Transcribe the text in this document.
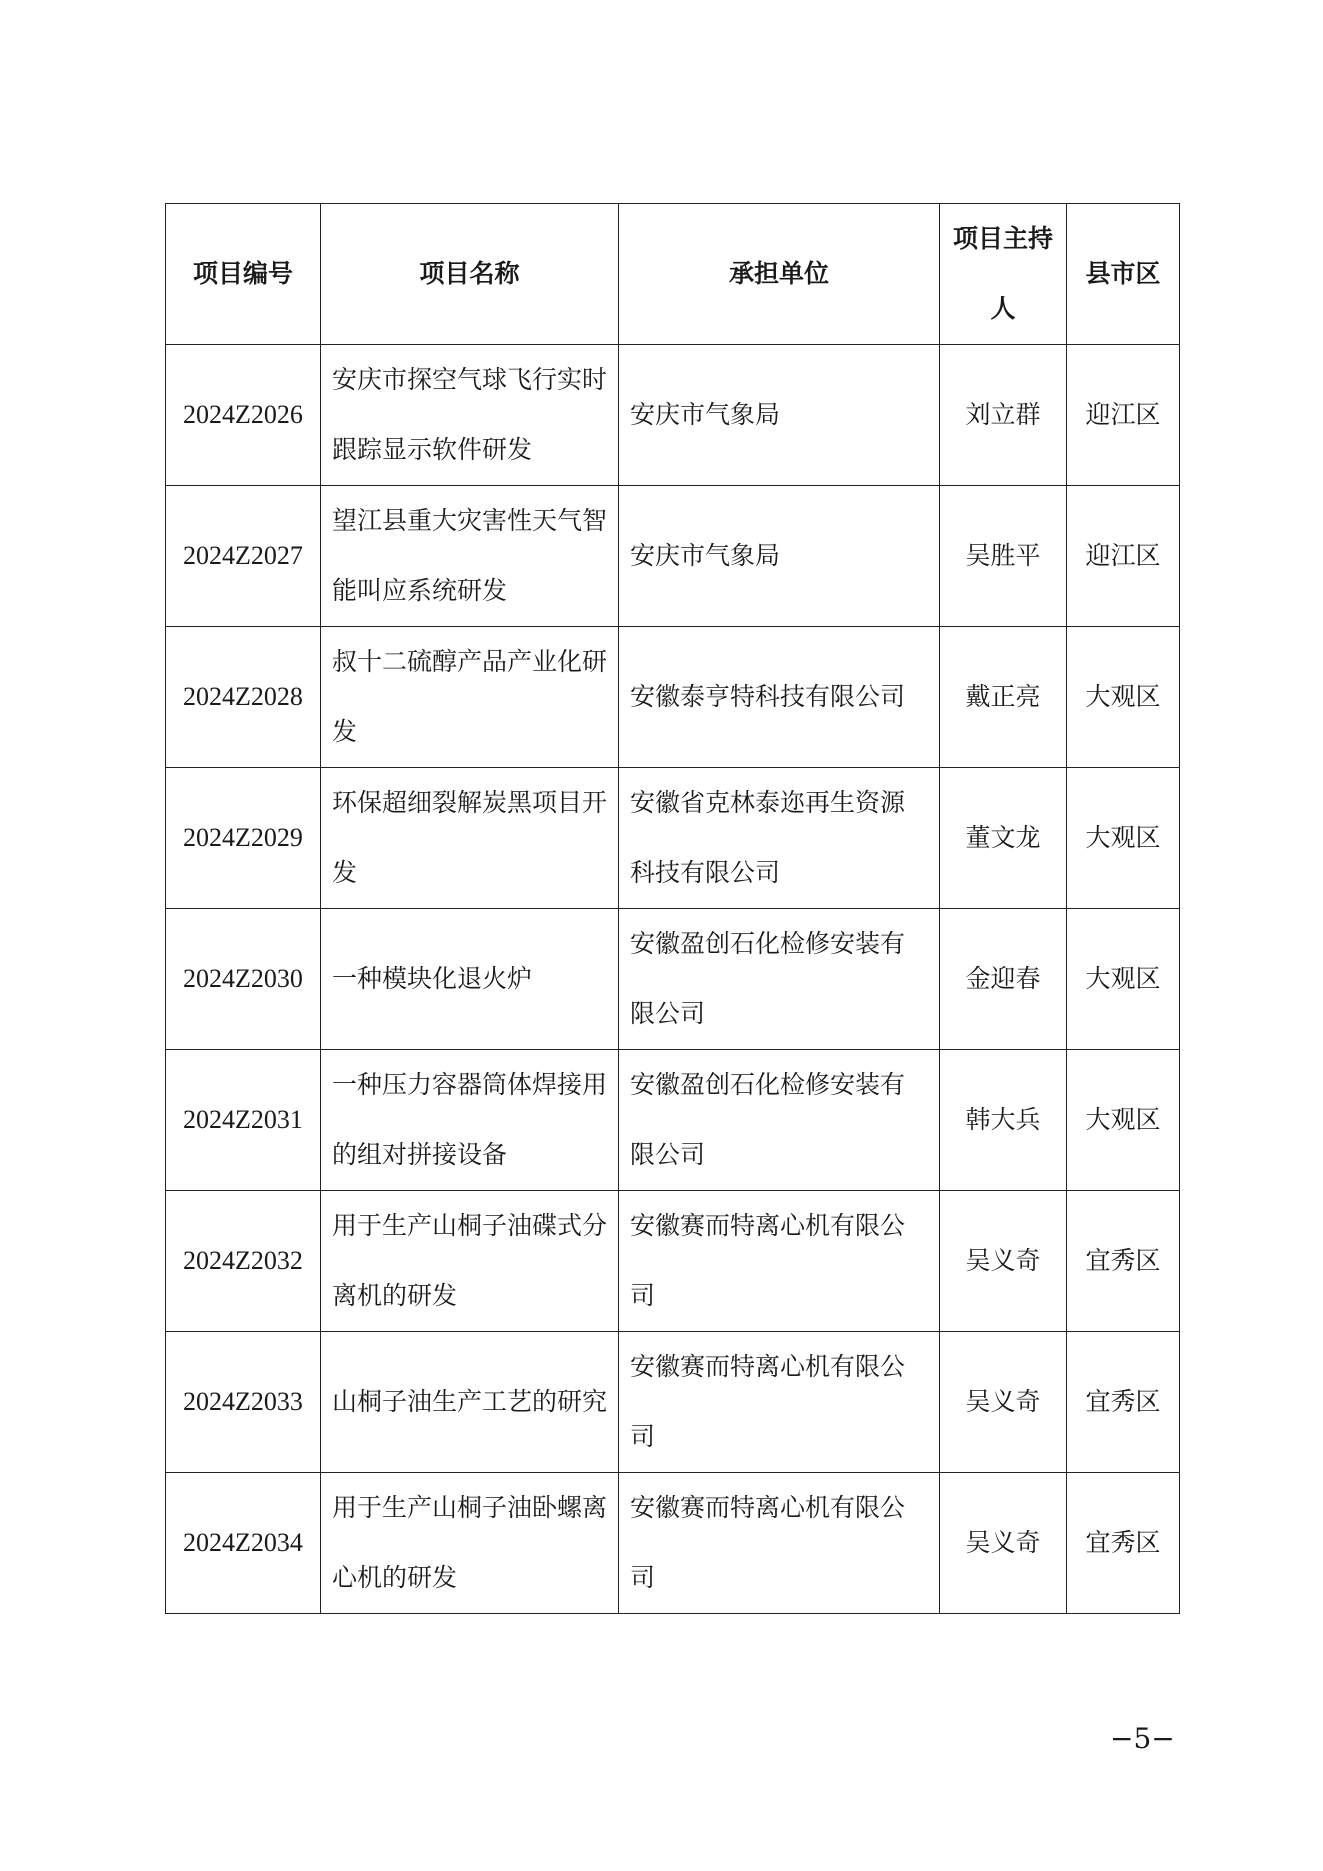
项目编号	项目名称	承担单位	项目主持人	县市区
2024Z2026	安庆市探空气球飞行实时跟踪显示软件研发	安庆市气象局	刘立群	迎江区
2024Z2027	望江县重大灾害性天气智能叫应系统研发	安庆市气象局	吴胜平	迎江区
2024Z2028	叔十二硫醇产品产业化研发	安徽泰亨特科技有限公司	戴正亮	大观区
2024Z2029	环保超细裂解炭黑项目开发	安徽省克林泰迩再生资源科技有限公司	董文龙	大观区
2024Z2030	一种模块化退火炉	安徽盈创石化检修安装有限公司	金迎春	大观区
2024Z2031	一种压力容器筒体焊接用的组对拼接设备	安徽盈创石化检修安装有限公司	韩大兵	大观区
2024Z2032	用于生产山桐子油碟式分离机的研发	安徽赛而特离心机有限公司	吴义奇	宜秀区
2024Z2033	山桐子油生产工艺的研究	安徽赛而特离心机有限公司	吴义奇	宜秀区
2024Z2034	用于生产山桐子油卧螺离心机的研发	安徽赛而特离心机有限公司	吴义奇	宜秀区
−5−
